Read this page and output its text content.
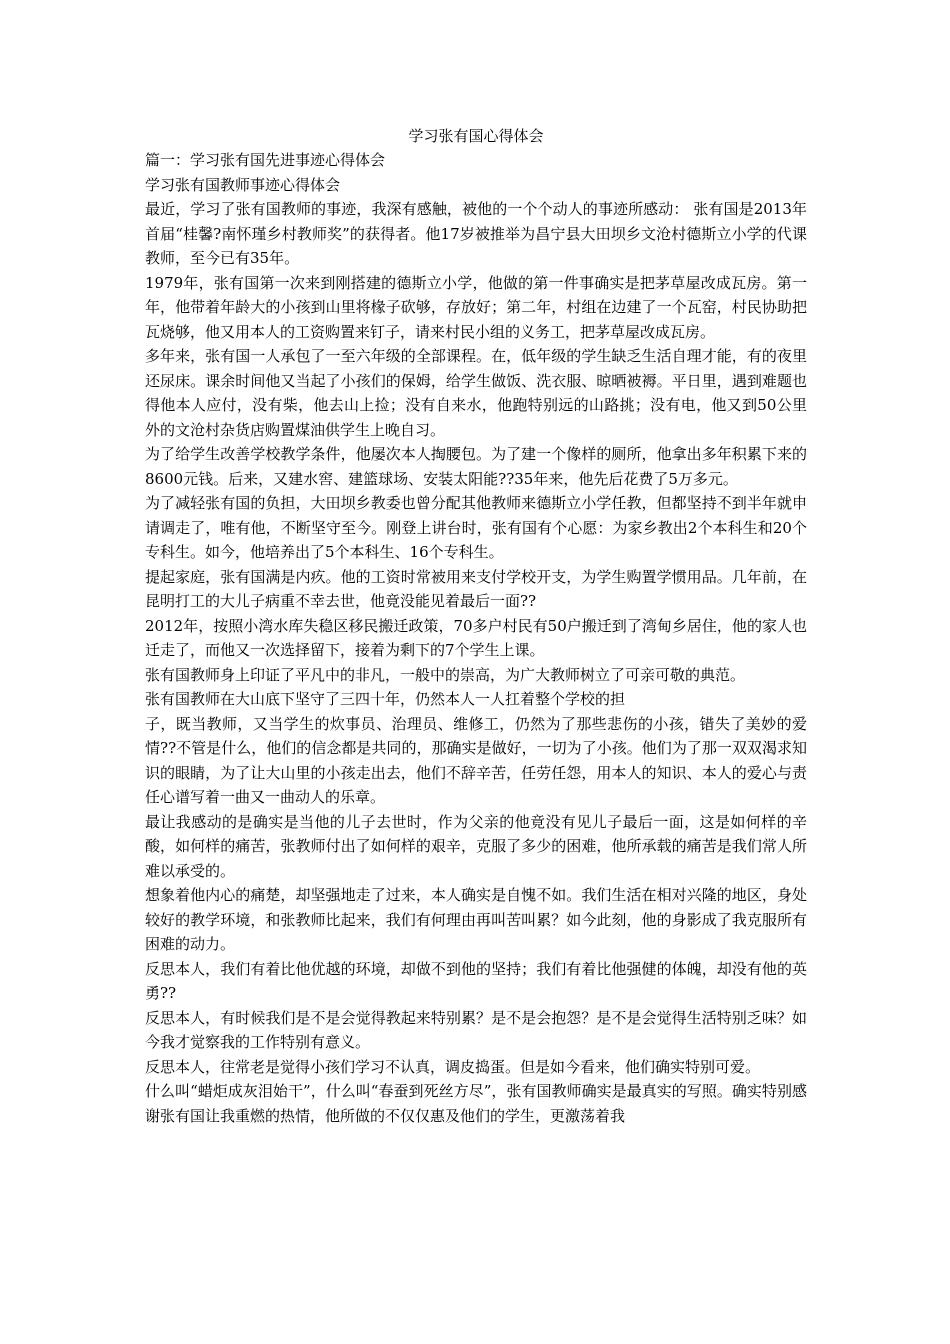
学习张有国心得体会

篇一：学习张有国先进事迹心得体会

学习张有国教师事迹心得体会

最近，学习了张有国教师的事迹，我深有感触，被他的一个个动人的事迹所感动： 张有国是2013年首届“桂馨?南怀瑾乡村教师奖”的获得者。他17岁被推举为昌宁县大田坝乡文沧村德斯立小学的代课教师，至今已有35年。

1979年，张有国第一次来到刚搭建的德斯立小学，他做的第一件事确实是把茅草屋改成瓦房。第一年，他带着年龄大的小孩到山里将椽子砍够，存放好；第二年，村组在边建了一个瓦窑，村民协助把瓦烧够，他又用本人的工资购置来钉子，请来村民小组的义务工，把茅草屋改成瓦房。

多年来，张有国一人承包了一至六年级的全部课程。在，低年级的学生缺乏生活自理才能，有的夜里还尿床。课余时间他又当起了小孩们的保姆，给学生做饭、洗衣服、晾晒被褥。平日里，遇到难题也得他本人应付，没有柴，他去山上捡；没有自来水，他跑特别远的山路挑；没有电，他又到50公里外的文沧村杂货店购置煤油供学生上晚自习。

为了给学生改善学校教学条件，他屡次本人掏腰包。为了建一个像样的厕所，他拿出多年积累下来的8600元钱。后来，又建水窖、建篮球场、安装太阳能??35年来，他先后花费了5万多元。

为了减轻张有国的负担，大田坝乡教委也曾分配其他教师来德斯立小学任教，但都坚持不到半年就申请调走了，唯有他，不断坚守至今。刚登上讲台时，张有国有个心愿：为家乡教出2个本科生和20个专科生。如今，他培养出了5个本科生、16个专科生。

提起家庭，张有国满是内疚。他的工资时常被用来支付学校开支，为学生购置学惯用品。几年前，在昆明打工的大儿子病重不幸去世，他竟没能见着最后一面??

2012年，按照小湾水库失稳区移民搬迁政策，70多户村民有50户搬迁到了湾甸乡居住，他的家人也迁走了，而他又一次选择留下，接着为剩下的7个学生上课。

张有国教师身上印证了平凡中的非凡，一般中的崇高，为广大教师树立了可亲可敬的典范。

张有国教师在大山底下坚守了三四十年，仍然本人一人扛着整个学校的担

子，既当教师，又当学生的炊事员、治理员、维修工，仍然为了那些悲伤的小孩，错失了美妙的爱情??不管是什么，他们的信念都是共同的，那确实是做好，一切为了小孩。他们为了那一双双渴求知识的眼睛，为了让大山里的小孩走出去，他们不辞辛苦，任劳任怨，用本人的知识、本人的爱心与责任心谱写着一曲又一曲动人的乐章。

最让我感动的是确实是当他的儿子去世时，作为父亲的他竟没有见儿子最后一面，这是如何样的辛酸，如何样的痛苦，张教师付出了如何样的艰辛，克服了多少的困难，他所承载的痛苦是我们常人所难以承受的。

想象着他内心的痛楚，却坚强地走了过来，本人确实是自愧不如。我们生活在相对兴隆的地区，身处较好的教学环境，和张教师比起来，我们有何理由再叫苦叫累？如今此刻，他的身影成了我克服所有困难的动力。

反思本人，我们有着比他优越的环境，却做不到他的坚持；我们有着比他强健的体魄，却没有他的英勇??

反思本人，有时候我们是不是会觉得教起来特别累？是不是会抱怨？是不是会觉得生活特别乏味？如今我才觉察我的工作特别有意义。

反思本人，往常老是觉得小孩们学习不认真，调皮捣蛋。但是如今看来，他们确实特别可爱。

什么叫“蜡炬成灰泪始干”，什么叫“春蚕到死丝方尽”，张有国教师确实是最真实的写照。确实特别感谢张有国让我重燃的热情，他所做的不仅仅惠及他们的学生，更激荡着我
